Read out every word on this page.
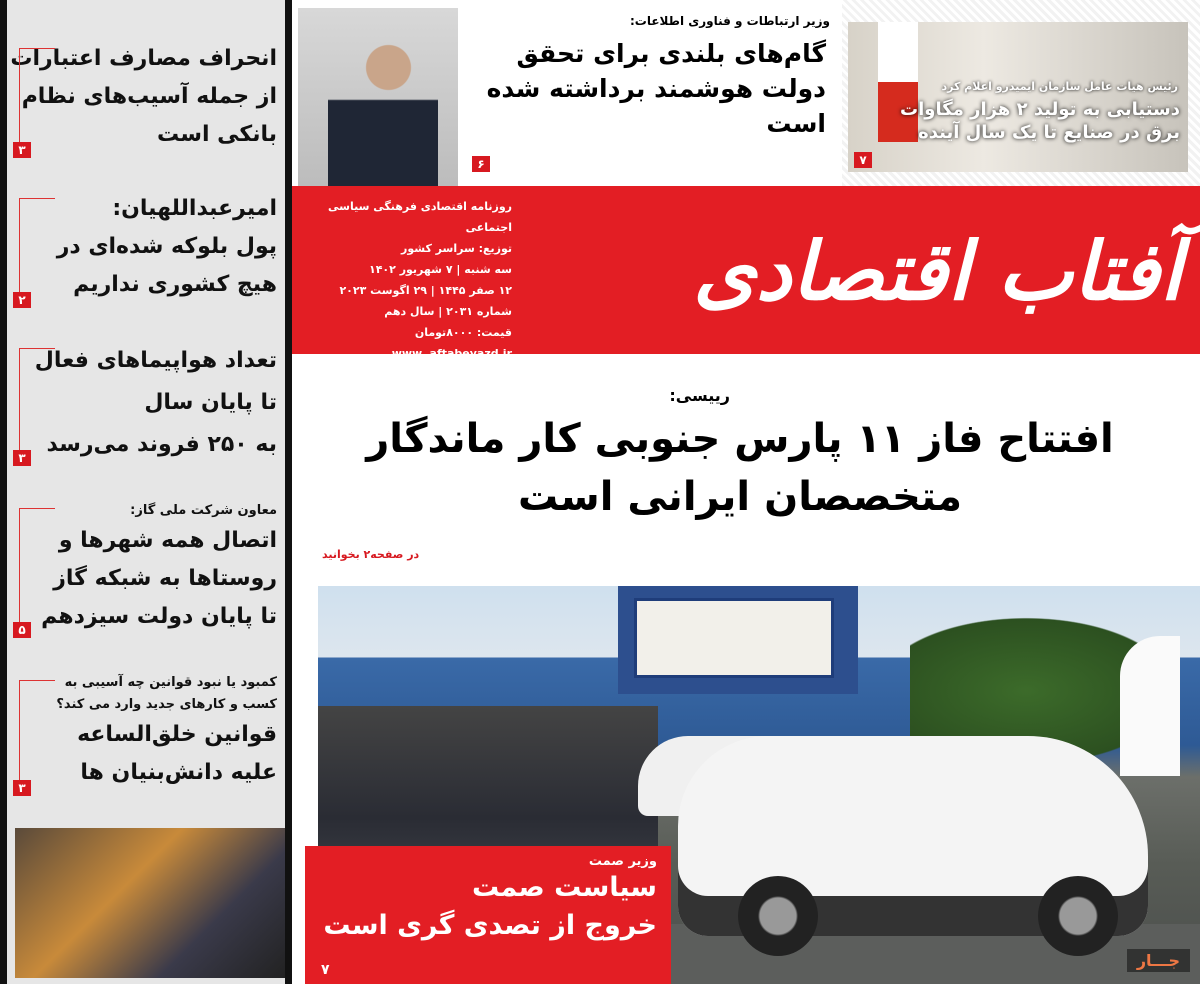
انحراف مصارف اعتبارات
از جمله آسیب‌های نظام
بانکی است
۳
امیرعبداللهیان:
پول بلوکه شده‌ای در
هیچ کشوری نداریم
۲
تعداد هواپیماهای فعال
تا پایان سال
به ۲۵۰ فروند می‌رسد
۳
معاون شرکت ملی گاز:
اتصال همه شهرها و
روستاها به شبکه گاز
تا پایان دولت سیزدهم
۵
کمبود یا نبود قوانین چه آسیبی به کسب و کارهای جدید وارد می کند؟
قوانین خلق‌الساعه
علیه دانش‌بنیان ها
۳
وزیر ارتباطات و فناوری اطلاعات:
گام‌های بلندی برای تحقق دولت هوشمند برداشته شده است
۶
رئیس هیات عامل سازمان ایمیدرو اعلام کرد
دستیابی به تولید ۲ هزار مگاوات برق در صنایع تا یک سال آینده
۷
آفتاب اقتصادی
روزنامه اقتصادی فرهنگی سیاسی اجتماعی
توزیع: سراسر کشور
سه شنبه | ۷ شهریور ۱۴۰۲
۱۲ صفر ۱۴۴۵ | ۲۹ اگوست ۲۰۲۳
شماره ۲۰۳۱ | سال دهم
قیمت: ۸۰۰۰تومان
www. aftabeyazd.ir
رییسی:
افتتاح فاز ۱۱ پارس جنوبی کار ماندگار
متخصصان ایرانی است
در صفحه۲ بخوانید
جـــار
وزیر صمت
سیاست صمت
خروج از تصدی گری است
۷
